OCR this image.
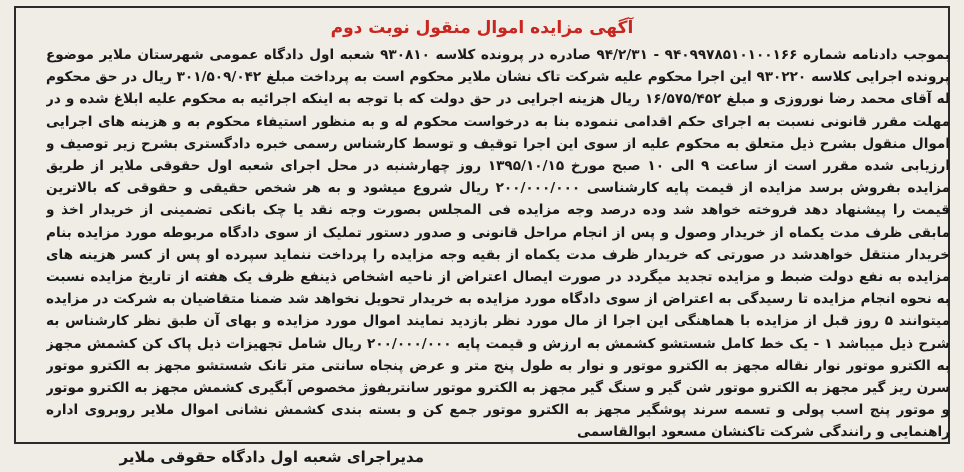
آگهی مزایده اموال منقول نوبت دوم
بموجب دادنامه شماره ۹۴۰۹۹۷۸۵۱۰۱۰۰۱۶۶ - ۹۴/۲/۳۱ صادره در پرونده کلاسه ۹۳۰۸۱۰ شعبه اول دادگاه عمومی شهرستان ملایر موضوع پرونده اجرایی کلاسه ۹۳۰۲۲۰ این اجرا محکوم علیه شرکت تاک نشان ملایر محکوم است به پرداخت مبلغ ۳۰۱/۵۰۹/۰۴۲ ریال در حق محکوم له آقای محمد رضا نوروزی و مبلغ ۱۶/۵۷۵/۴۵۲ ریال هزینه اجرایی در حق دولت که با توجه به اینکه اجرائیه به محکوم علیه ابلاغ شده و در مهلت مقرر قانونی نسبت به اجرای حکم اقدامی ننموده بنا به درخواست محکوم له و به منظور استیفاء محکوم به و هزینه های اجرایی اموال منقول بشرح ذیل متعلق به محکوم علیه از سوی این اجرا توقیف و توسط کارشناس رسمی خبره دادگستری بشرح زیر توصیف و ارزیابی شده مقرر است از ساعت ۹ الی ۱۰ صبح مورخ ۱۳۹۵/۱۰/۱۵ روز چهارشنبه در محل اجرای شعبه اول حقوقی ملایر از طریق مزایده بفروش برسد مزایده از قیمت پایه کارشناسی ۲۰۰/۰۰۰/۰۰۰ ریال شروع میشود و به هر شخص حقیقی و حقوقی که بالاترین قیمت را پیشنهاد دهد فروخته خواهد شد وده درصد وجه مزایده فی المجلس بصورت وجه نقد یا چک بانکی تضمینی از خریدار اخذ و مابقی ظرف مدت یکماه از خریدار وصول و پس از انجام مراحل قانونی و صدور دستور تملیک از سوی دادگاه مربوطه مورد مزایده بنام خریدار منتقل خواهدشد در صورتی که خریدار ظرف مدت یکماه از بقیه وجه مزایده را پرداخت ننماید سپرده او پس از کسر هزینه های مزایده به نفع دولت ضبط و مزایده تجدید میگردد در صورت ایصال اعتراض از ناحیه اشخاص ذینفع ظرف یک هفته از تاریخ مزایده نسبت به نحوه انجام مزایده تا رسیدگی به اعتراض از سوی دادگاه مورد مزایده به خریدار تحویل نخواهد شد ضمنا متقاضیان به شرکت در مزایده میتوانند ۵ روز قبل از مزایده با هماهنگی این اجرا از مال مورد نظر بازدید نمایند اموال مورد مزایده و بهای آن طبق نظر کارشناس به شرح ذیل میباشد ۱ - یک خط کامل شستشو کشمش به ارزش و قیمت پایه ۲۰۰/۰۰۰/۰۰۰ ریال شامل تجهیزات ذیل پاک کن کشمش مجهز به الکترو موتور نوار نقاله مجهز به الکترو موتور و نوار به طول پنج متر و عرض پنجاه سانتی متر تانک شستشو مجهز به الکترو موتور سرن ریز گیر مجهز به الکترو موتور شن گیر و سنگ گیر مجهز به الکترو موتور سانتریفوژ مخصوص آبگیری کشمش مجهز به الکترو موتور و موتور پنج اسب پولی و تسمه سرند پوشگیر مجهز به الکترو موتور جمع کن و بسته بندی کشمش نشانی اموال ملایر روبروی اداره راهنمایی و رانندگی شرکت تاکنشان مسعود ابوالقاسمی
مدیراجرای شعبه اول دادگاه حقوقی ملایر
